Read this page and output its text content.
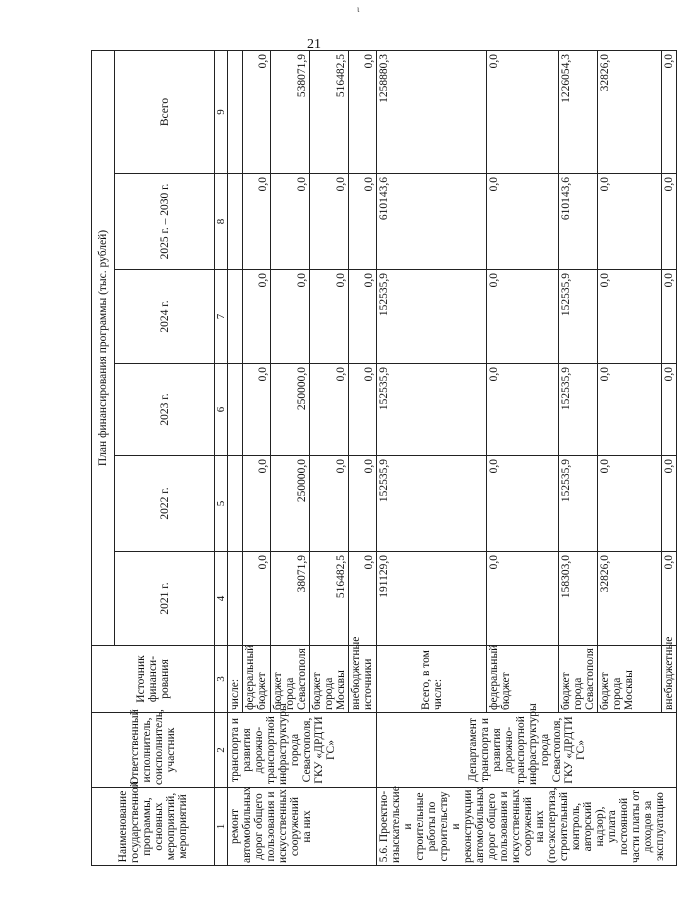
21
ι
Наименование государственной программы, основных мероприятий, мероприятий	Ответственный исполнитель, соисполнитель, участник	Источник финанси-рования	План финансирования программы (тыс. рублей)					
			2021 г.	2022 г.	2023 г.	2024 г.	2025 г. – 2030 г.	Всего
1	2	3	4	5	6	7	8	9
ремонт автомобильных дорог общего пользования и искусственных сооружений на них	транспорта и развития дорожно-транспортной инфраструктуры города Севастополя, ГКУ «ДРДТИ ГС»	числе:						
		федеральный бюджет	0,0	0,0	0,0	0,0	0,0	0,0
		бюджет города Севастополя	38071,9	250000,0	250000,0	0,0	0,0	538071,9
		бюджет города Москвы	516482,5	0,0	0,0	0,0	0,0	516482,5
		внебюджетные источники	0,0	0,0	0,0	0,0	0,0	0,0
5.6. Проектно-изыскательские и строительные работы по строительству и реконструкции автомобильных дорог общего пользования и искусственных сооружений на них (госэкспертиза, строительный контроль, авторский надзор), уплата постоянной части платы от доходов за эксплуатацию	Департамент транспорта и развития дорожно-транспортной инфраструктуры города Севастополя, ГКУ «ДРДТИ ГС»	Всего, в том числе:	191129,0	152535,9	152535,9	152535,9	610143,6	1258880,3
		федеральный бюджет	0,0	0,0	0,0	0,0	0,0	0,0
		бюджет города Севастополя	158303,0	152535,9	152535,9	152535,9	610143,6	1226054,3
		бюджет города Москвы	32826,0	0,0	0,0	0,0	0,0	32826,0
		внебюджетные	0,0	0,0	0,0	0,0	0,0	0,0
